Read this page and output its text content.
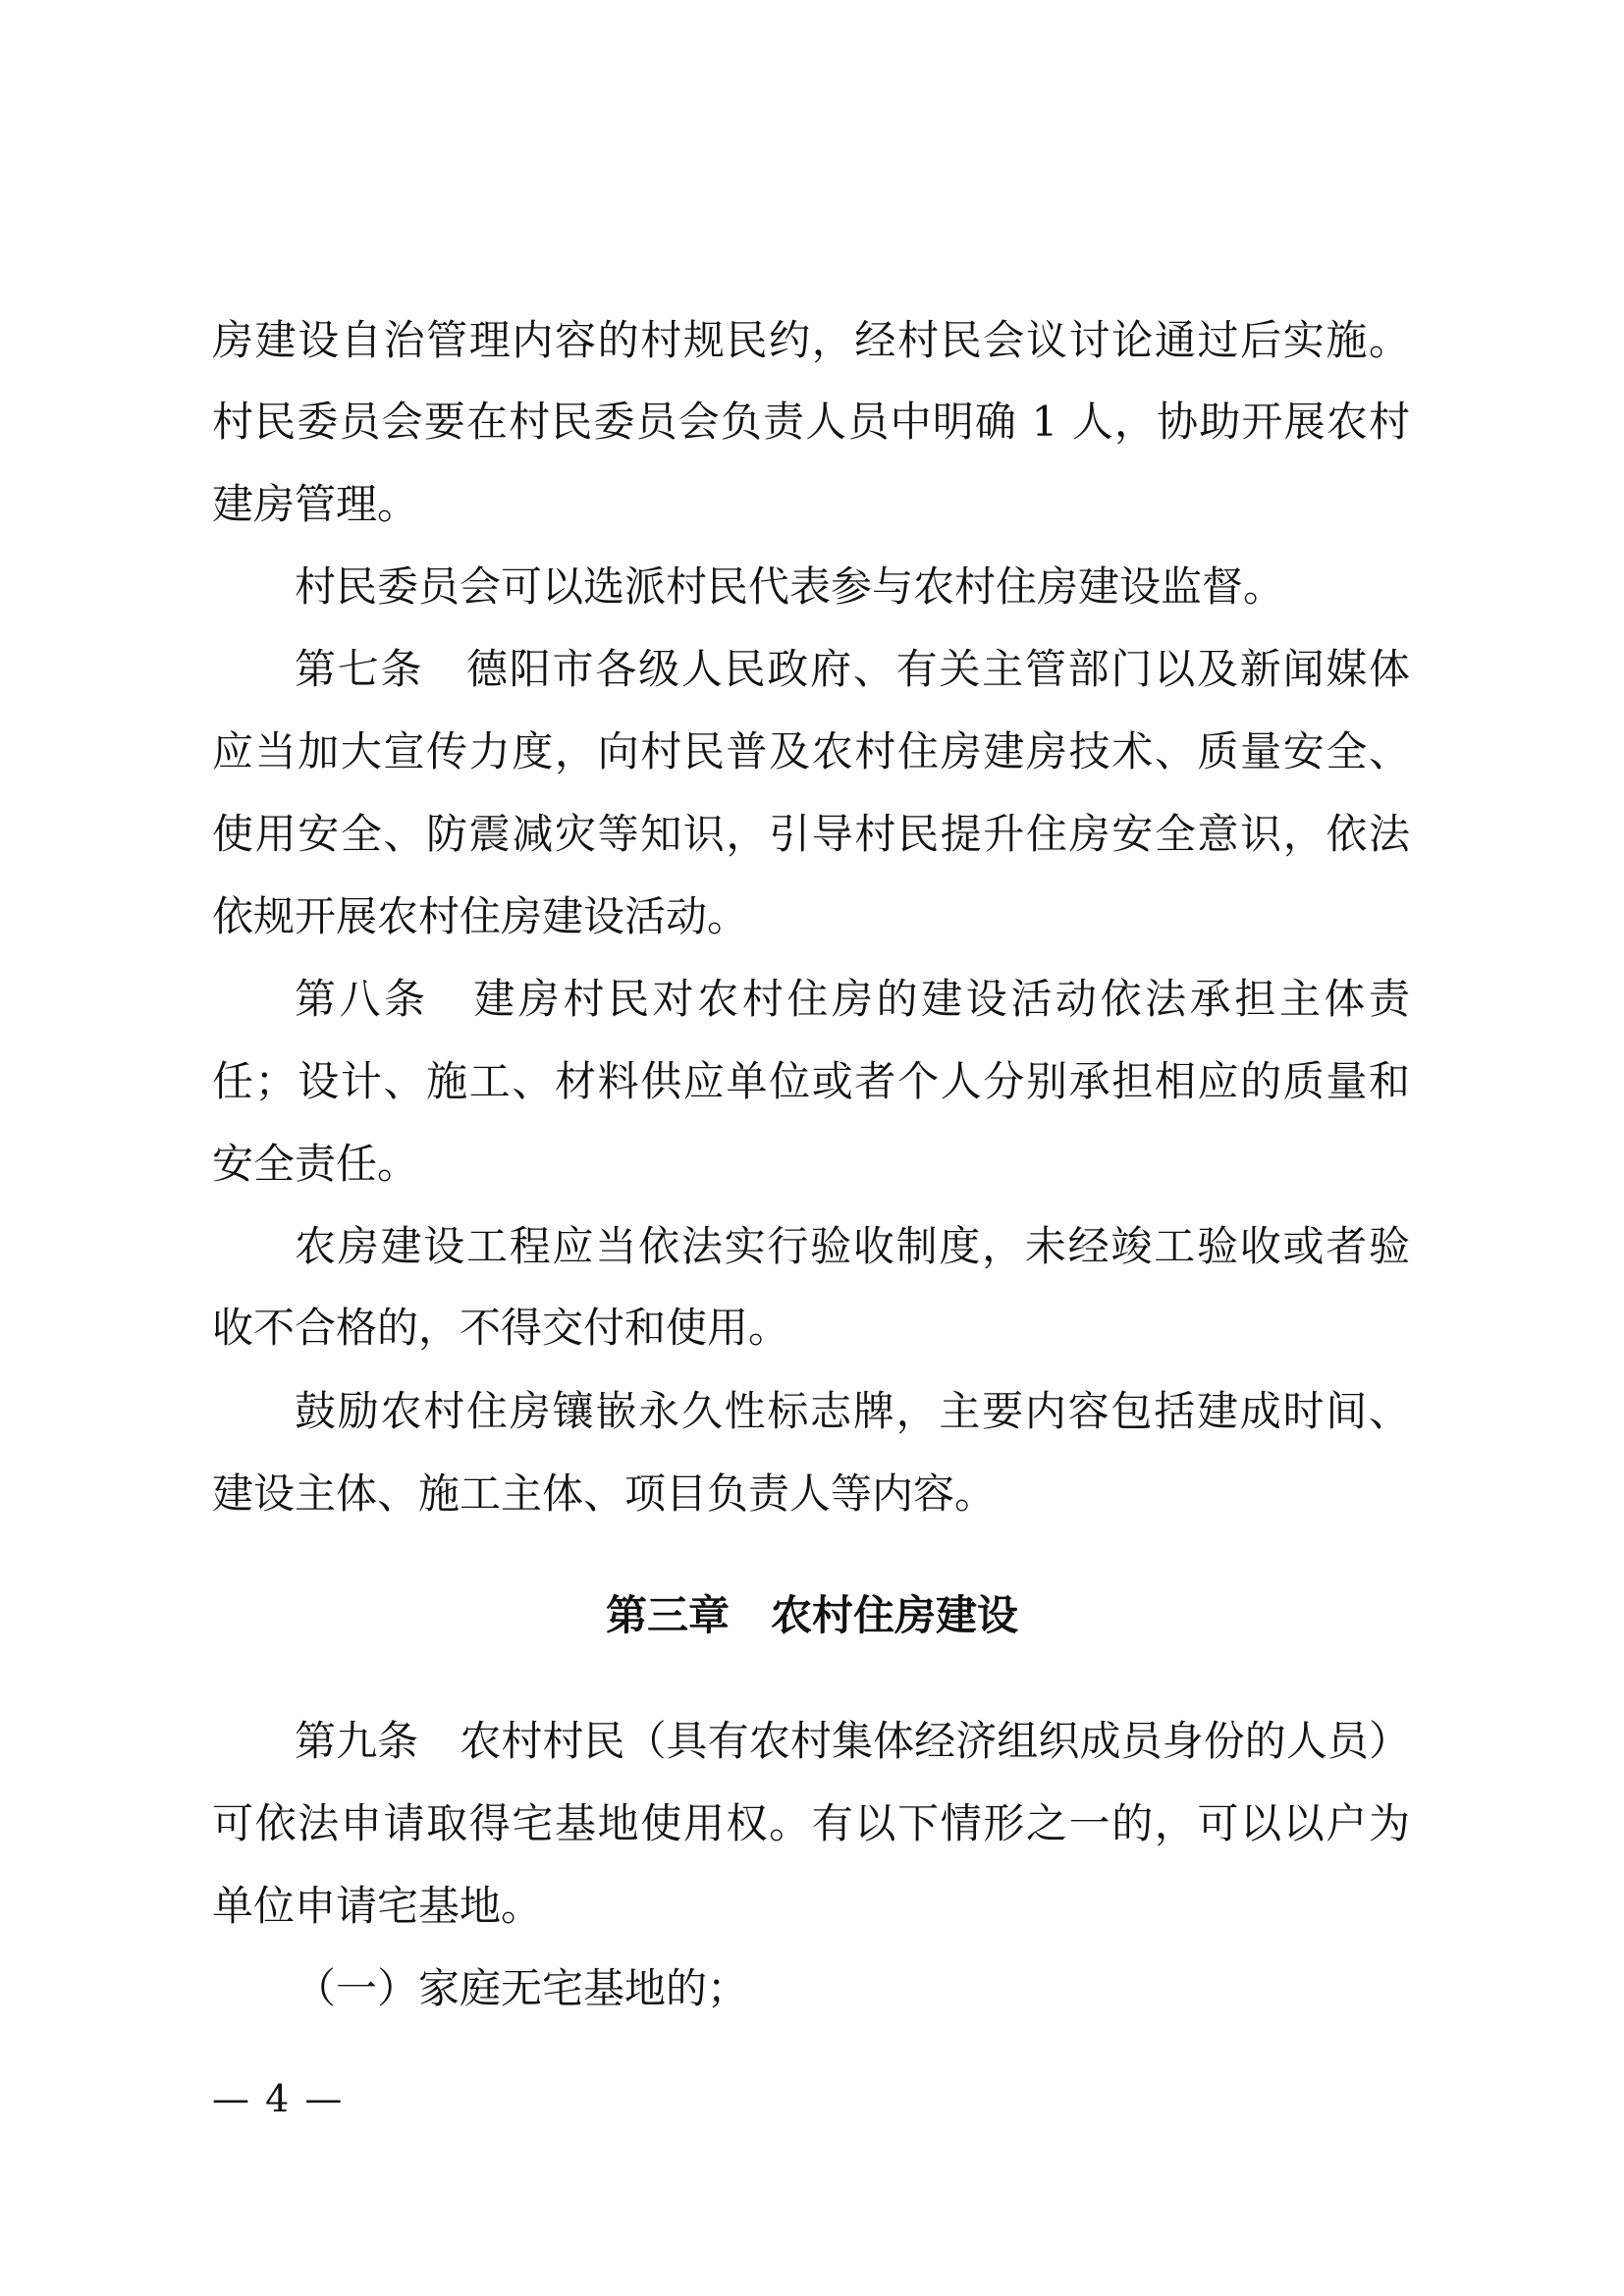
房建设自治管理内容的村规民约，经村民会议讨论通过后实施。
村民委员会要在村民委员会负责人员中明确 1 人，协助开展农村
建房管理。
村民委员会可以选派村民代表参与农村住房建设监督。
第七条　德阳市各级人民政府、有关主管部门以及新闻媒体
应当加大宣传力度，向村民普及农村住房建房技术、质量安全、
使用安全、防震减灾等知识，引导村民提升住房安全意识，依法
依规开展农村住房建设活动。
第八条　建房村民对农村住房的建设活动依法承担主体责
任；设计、施工、材料供应单位或者个人分别承担相应的质量和
安全责任。
农房建设工程应当依法实行验收制度，未经竣工验收或者验
收不合格的，不得交付和使用。
鼓励农村住房镶嵌永久性标志牌，主要内容包括建成时间、
建设主体、施工主体、项目负责人等内容。
第三章　农村住房建设
第九条　农村村民（具有农村集体经济组织成员身份的人员）
可依法申请取得宅基地使用权。有以下情形之一的，可以以户为
单位申请宅基地。
（一）家庭无宅基地的；
— 4 —
